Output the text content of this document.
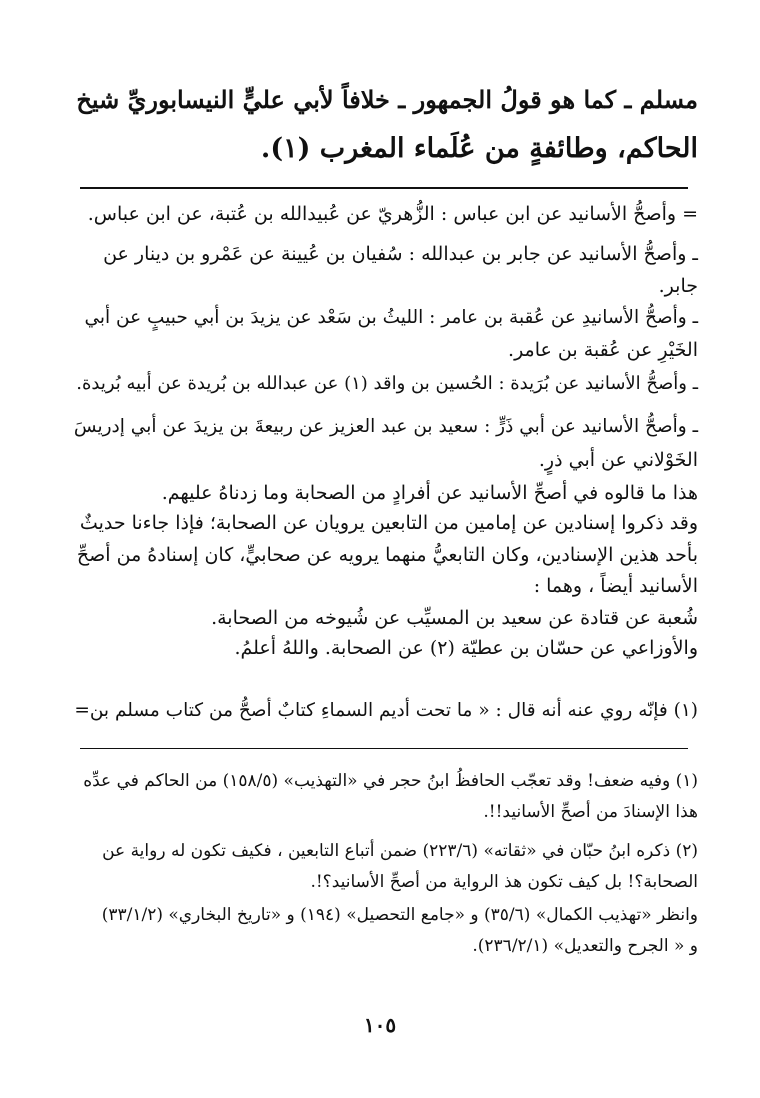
مسلم ـ كما هو قولُ الجمهور ـ خلافاً لأبي عليٍّ النيسابوريِّ شيخ
الحاكم، وطائفةٍ من عُلَماء المغرب (١).
= وأصحُّ الأسانيد عن ابن عباس : الزُّهريّ عن عُبيدالله بن عُتبة، عن ابن عباس.
ـ وأصحُّ الأسانيد عن جابر بن عبدالله : سُفيان بن عُيينة عن عَمْرو بن دينار عن
جابر.
ـ وأصحُّ الأسانيدِ عن عُقبة بن عامر : الليثُ بن سَعْد عن يزيدَ بن أبي حبيبٍ عن أبي
الخَيْرِ عن عُقبة بن عامر.
ـ وأصحُّ الأسانيد عن بُرَيدة : الحُسين بن واقد (١) عن عبدالله بن بُريدة عن أبيه بُريدة.
ـ وأصحُّ الأسانيد عن أبي ذَرٍّ : سعيد بن عبد العزيز عن ربيعةَ بن يزيدَ عن أبي إدريسَ
الخَوْلاني عن أبي ذرٍ.
هذا ما قالوه في أصحِّ الأسانيد عن أفرادٍ من الصحابة وما زدناهُ عليهم.
وقد ذكروا إسنادين عن إمامين من التابعين يرويان عن الصحابة؛ فإذا جاءنا حديثٌ
بأحد هذين الإسنادين، وكان التابعيُّ منهما يرويه عن صحابيٍّ، كان إسنادهُ من أصحِّ
الأسانيد أيضاً ، وهما :
شُعبة عن قتادة عن سعيد بن المسيِّب عن شُيوخه من الصحابة.
والأوزاعي عن حسّان بن عطيّة (٢) عن الصحابة. واللهُ أعلمُ.
(١) فإنّه روي عنه أنه قال : « ما تحت أديم السماءِ كتابٌ أصحُّ من كتاب مسلم بن=
(١) وفيه ضعف! وقد تعجّب الحافظُ ابنُ حجر في «التهذيب» (١٥٨/٥) من الحاكم في عدِّه
هذا الإسنادَ من أصحِّ الأسانيد!!.
(٢) ذكره ابنُ حبّان في «ثقاته» (٢٢٣/٦) ضمن أتباع التابعين ، فكيف تكون له رواية عن
الصحابة؟! بل كيف تكون هذ الرواية من أصحِّ الأسانيد؟!.
وانظر «تهذيب الكمال» (٣٥/٦) و «جامع التحصيل» (١٩٤) و «تاريخ البخاري» (٣٣/١/٢)
و « الجرح والتعديل» (٢٣٦/٢/١).
١٠٥
